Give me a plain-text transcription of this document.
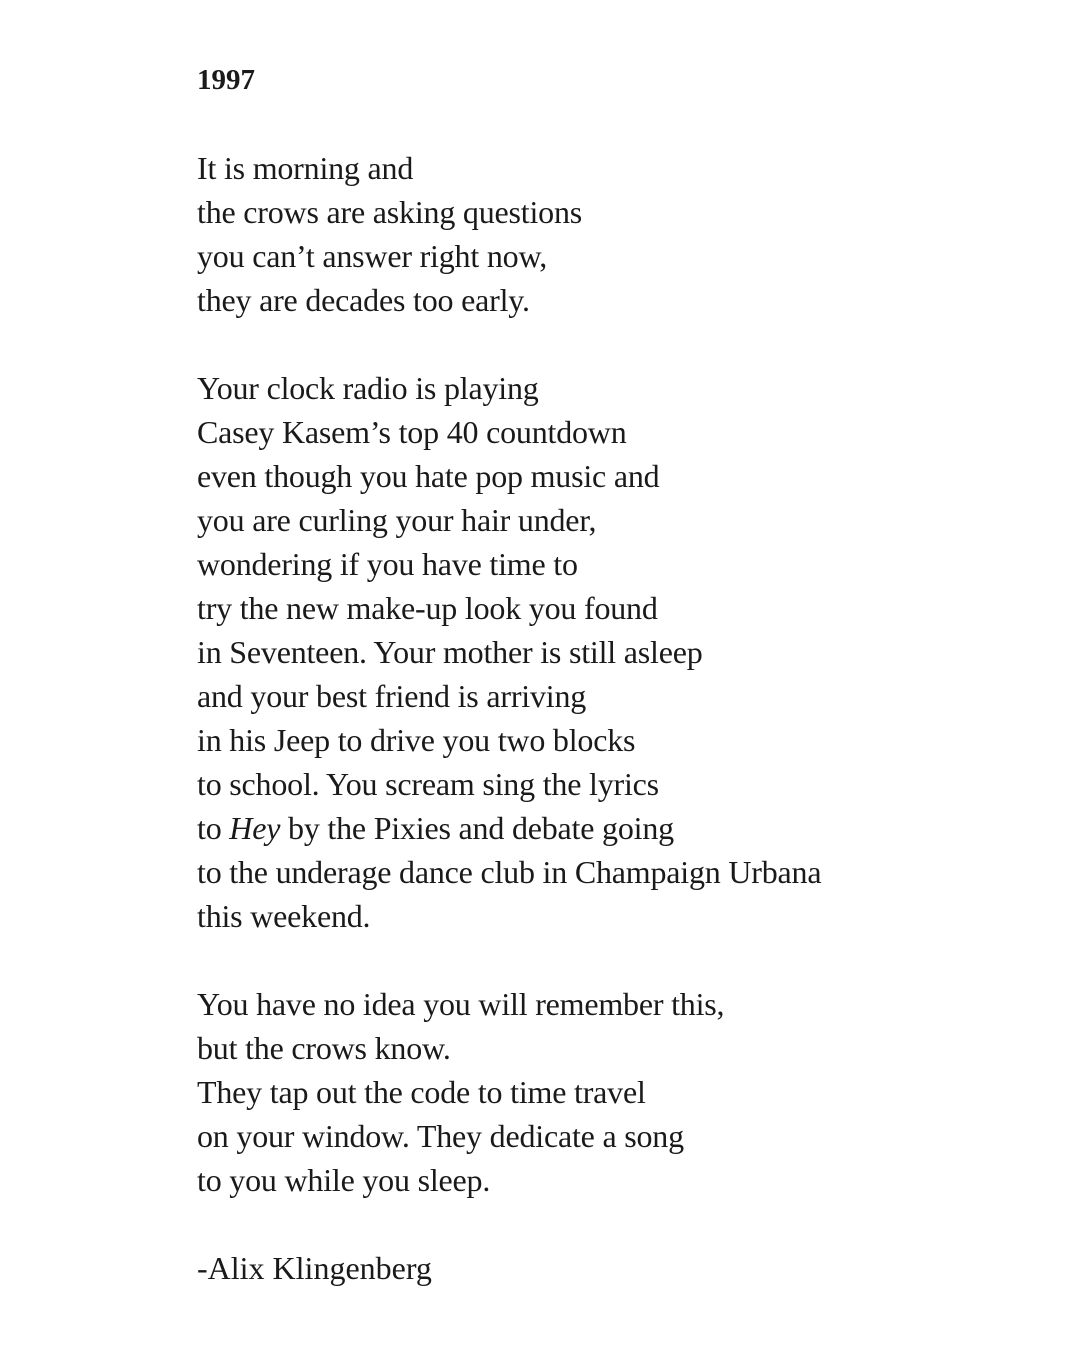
1997
It is morning and
the crows are asking questions
you can’t answer right now,
they are decades too early.
Your clock radio is playing
Casey Kasem’s top 40 countdown
even though you hate pop music and
you are curling your hair under,
wondering if you have time to
try the new make-up look you found
in Seventeen. Your mother is still asleep
and your best friend is arriving
in his Jeep to drive you two blocks
to school. You scream sing the lyrics
to Hey by the Pixies and debate going
to the underage dance club in Champaign Urbana
this weekend.
You have no idea you will remember this,
but the crows know.
They tap out the code to time travel
on your window. They dedicate a song
to you while you sleep.
-Alix Klingenberg
